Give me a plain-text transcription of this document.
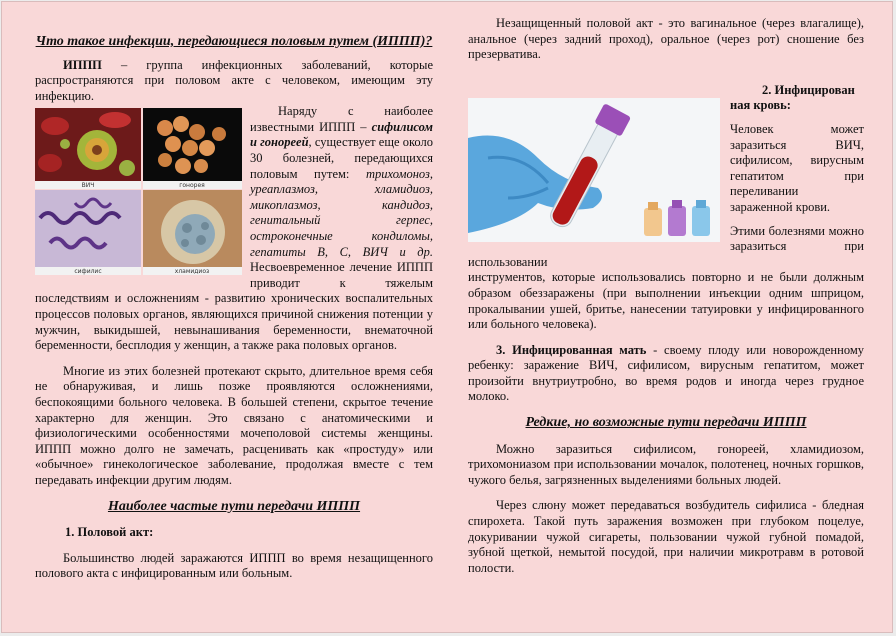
Что такое инфекции, передающиеся половым путем (ИППП)?

ИППП – группа инфекционных заболеваний, которые распространяются при половом акте с человеком, имеющим эту инфекцию.

ВИЧ	гонорея
сифилис	хламидиоз

Наряду с наиболее известными ИППП – сифилисом и гонореей, существует еще около 30 болезней, передающихся половым путем: трихомоноз, уреаплазмоз, хламидиоз, микоплазмоз, кандидоз, генитальный герпес, остроконечные кондиломы, гепатиты В, С, ВИЧ и др. Несвоевременное лечение ИППП приводит к тяжелым последствиям и осложнениям - развитию хронических воспалительных процессов половых органов, являющихся причиной снижения потенции у мужчин, выкидышей, невынашивания беременности, внематочной беременности, бесплодия у женщин, а также рака половых органов.

Многие из этих болезней протекают скрыто, длительное время себя не обнаруживая, и лишь позже проявляются осложнениями, беспокоящими больного человека. В большей степени, скрытое течение характерно для женщин. Это связано с анатомическими и физиологическими особенностями мочеполовой системы женщины. ИППП можно долго не замечать, расценивать как «простуду» или «обычное» гинекологическое заболевание, продолжая вместе с тем передавать инфекции другим людям.

Наиболее частые пути передачи ИППП

1. Половой акт:

Большинство людей заражаются ИППП во время незащищенного полового акта с инфицированным или больным.

Незащищенный половой акт - это вагинальное (через влагалище), анальное (через задний проход), оральное (через рот) сношение без презерватива.

2. Инфицирован

ная кровь:

Человек может заразиться ВИЧ, сифилисом, вирусным гепатитом при переливании зараженной крови.

Этими болезнями можно заразиться при использовании

инструментов, которые использовались повторно и не были должным образом обеззаражены (при выполнении инъекции одним шприцом, прокалывании ушей, бритье, нанесении татуировки у инфицированного или больного человека).

3. Инфицированная мать - своему плоду или новорожденному ребенку: заражение ВИЧ, сифилисом, вирусным гепатитом, может произойти внутриутробно, во время родов и иногда через грудное молоко.

Редкие, но возможные пути передачи ИППП

Можно заразиться сифилисом, гонореей, хламидиозом, трихомониазом при использовании мочалок, полотенец, ночных горшков, чужого белья, загрязненных выделениями больных людей.

Через слюну может передаваться возбудитель сифилиса - бледная спирохета. Такой путь заражения возможен при глубоком поцелуе, докуривании чужой сигареты, пользовании чужой губной помадой, зубной щеткой, немытой посудой, при наличии микротравм в ротовой полости.
